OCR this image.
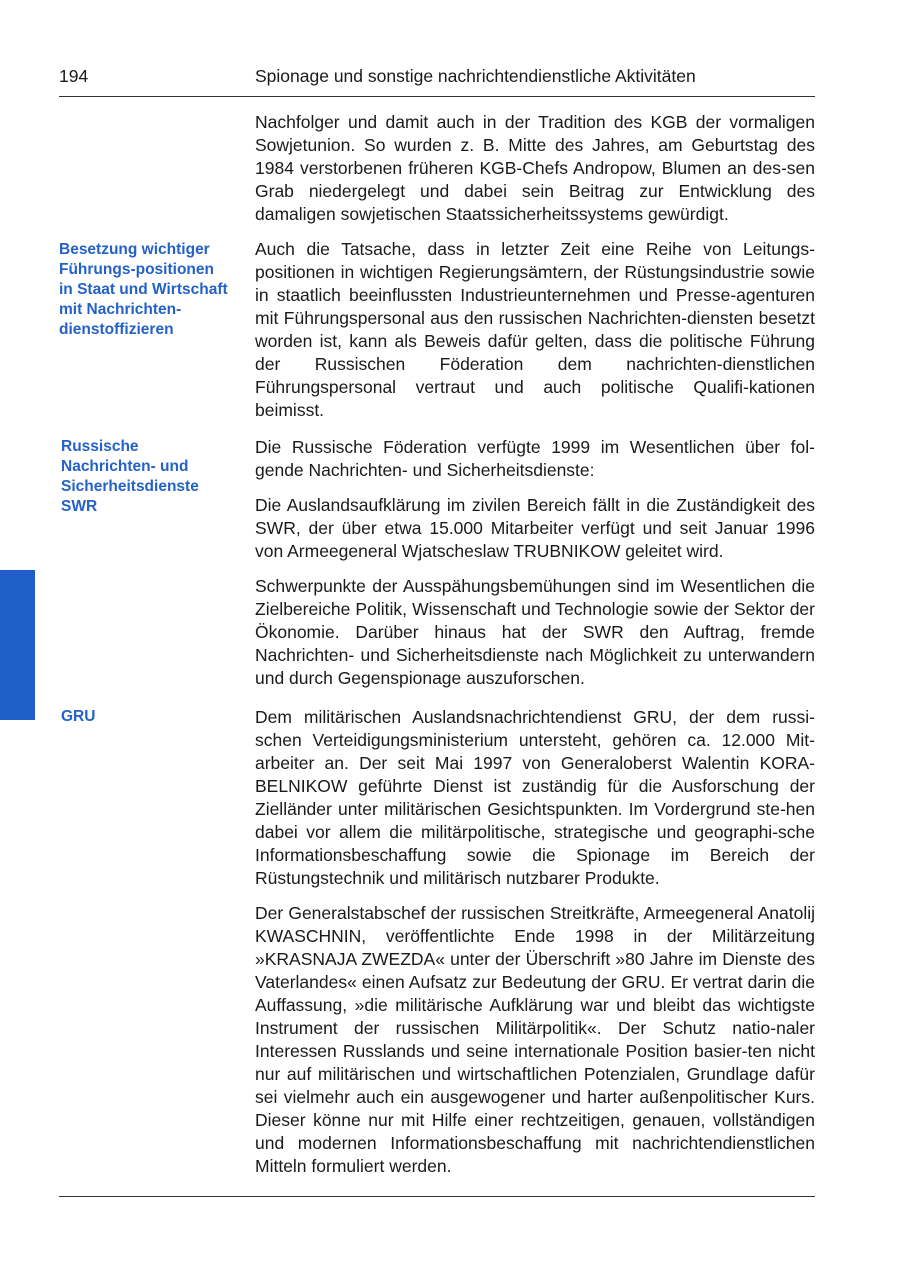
194	Spionage und sonstige nachrichtendienstliche Aktivitäten
Besetzung wichtiger Führungs-positionen in Staat und Wirtschaft mit Nachrichten-dienstoffizieren
Russische Nachrichten- und Sicherheitsdienste SWR
GRU

Nachfolger und damit auch in der Tradition des KGB der vormaligen Sowjetunion. So wurden z. B. Mitte des Jahres, am Geburtstag des 1984 verstorbenen früheren KGB-Chefs Andropow, Blumen an des-sen Grab niedergelegt und dabei sein Beitrag zur Entwicklung des damaligen sowjetischen Staatssicherheitssystems gewürdigt.

Auch die Tatsache, dass in letzter Zeit eine Reihe von Leitungs-positionen in wichtigen Regierungsämtern, der Rüstungsindustrie sowie in staatlich beeinflussten Industrieunternehmen und Presse-agenturen mit Führungspersonal aus den russischen Nachrichten-diensten besetzt worden ist, kann als Beweis dafür gelten, dass die politische Führung der Russischen Föderation dem nachrichten-dienstlichen Führungspersonal vertraut und auch politische Qualifi-kationen beimisst.

Die Russische Föderation verfügte 1999 im Wesentlichen über fol-gende Nachrichten- und Sicherheitsdienste:

Die Auslandsaufklärung im zivilen Bereich fällt in die Zuständigkeit des SWR, der über etwa 15.000 Mitarbeiter verfügt und seit Januar 1996 von Armeegeneral Wjatscheslaw TRUBNIKOW geleitet wird.

Schwerpunkte der Ausspähungsbemühungen sind im Wesentlichen die Zielbereiche Politik, Wissenschaft und Technologie sowie der Sektor der Ökonomie. Darüber hinaus hat der SWR den Auftrag, fremde Nachrichten- und Sicherheitsdienste nach Möglichkeit zu unterwandern und durch Gegenspionage auszuforschen.

Dem militärischen Auslandsnachrichtendienst GRU, der dem russi-schen Verteidigungsministerium untersteht, gehören ca. 12.000 Mit-arbeiter an. Der seit Mai 1997 von Generaloberst Walentin KORA-BELNIKOW geführte Dienst ist zuständig für die Ausforschung der Zielländer unter militärischen Gesichtspunkten. Im Vordergrund ste-hen dabei vor allem die militärpolitische, strategische und geographi-sche Informationsbeschaffung sowie die Spionage im Bereich der Rüstungstechnik und militärisch nutzbarer Produkte.

Der Generalstabschef der russischen Streitkräfte, Armeegeneral Anatolij KWASCHNIN, veröffentlichte Ende 1998 in der Militärzeitung »KRASNAJA ZWEZDA« unter der Überschrift »80 Jahre im Dienste des Vaterlandes« einen Aufsatz zur Bedeutung der GRU. Er vertrat darin die Auffassung, »die militärische Aufklärung war und bleibt das wichtigste Instrument der russischen Militärpolitik«. Der Schutz natio-naler Interessen Russlands und seine internationale Position basier-ten nicht nur auf militärischen und wirtschaftlichen Potenzialen, Grundlage dafür sei vielmehr auch ein ausgewogener und harter außenpolitischer Kurs. Dieser könne nur mit Hilfe einer rechtzeitigen, genauen, vollständigen und modernen Informationsbeschaffung mit nachrichtendienstlichen Mitteln formuliert werden.
